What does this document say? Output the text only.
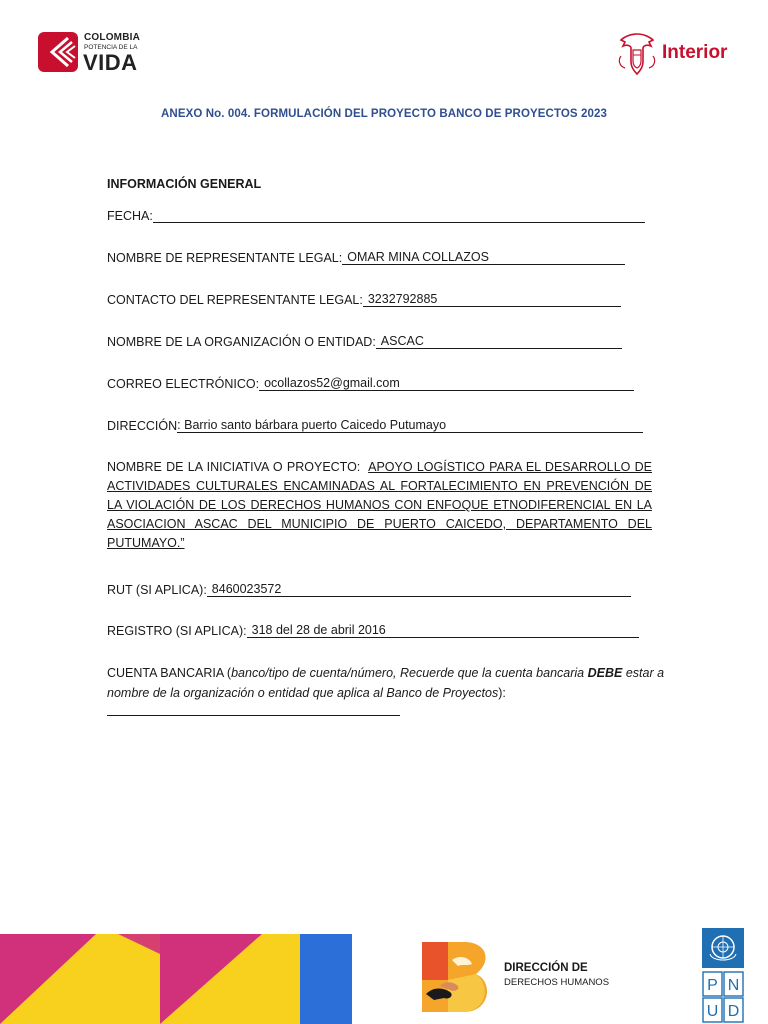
COLOMBIA
POTENCIA DE LA
VIDA	Interior
ANEXO No. 004. FORMULACIÓN DEL PROYECTO BANCO DE PROYECTOS 2023
INFORMACIÓN GENERAL
FECHA:
NOMBRE DE REPRESENTANTE LEGAL: OMAR MINA COLLAZOS
CONTACTO DEL REPRESENTANTE LEGAL: 3232792885
NOMBRE DE LA ORGANIZACIÓN O ENTIDAD: ASCAC
CORREO ELECTRÓNICO: ocollazos52@gmail.com
DIRECCIÓN : Barrio santo bárbara puerto Caicedo Putumayo
NOMBRE DE LA INICIATIVA O PROYECTO: APOYO LOGÍSTICO PARA EL DESARROLLO DE ACTIVIDADES CULTURALES ENCAMINADAS AL FORTALECIMIENTO EN PREVENCIÓN DE LA VIOLACIÓN DE LOS DERECHOS HUMANOS CON ENFOQUE ETNODIFERENCIAL EN LA ASOCIACION ASCAC DEL MUNICIPIO DE PUERTO CAICEDO, DEPARTAMENTO DEL PUTUMAYO.”
RUT (SI APLICA): 8460023572
REGISTRO (SI APLICA): 318 del 28 de abril 2016
CUENTA BANCARIA (banco/tipo de cuenta/número, Recuerde que la cuenta bancaria DEBE estar a nombre de la organización o entidad que aplica al Banco de Proyectos):
DIRECCIÓN DE
DERECHOS HUMANOS	P N
U D
